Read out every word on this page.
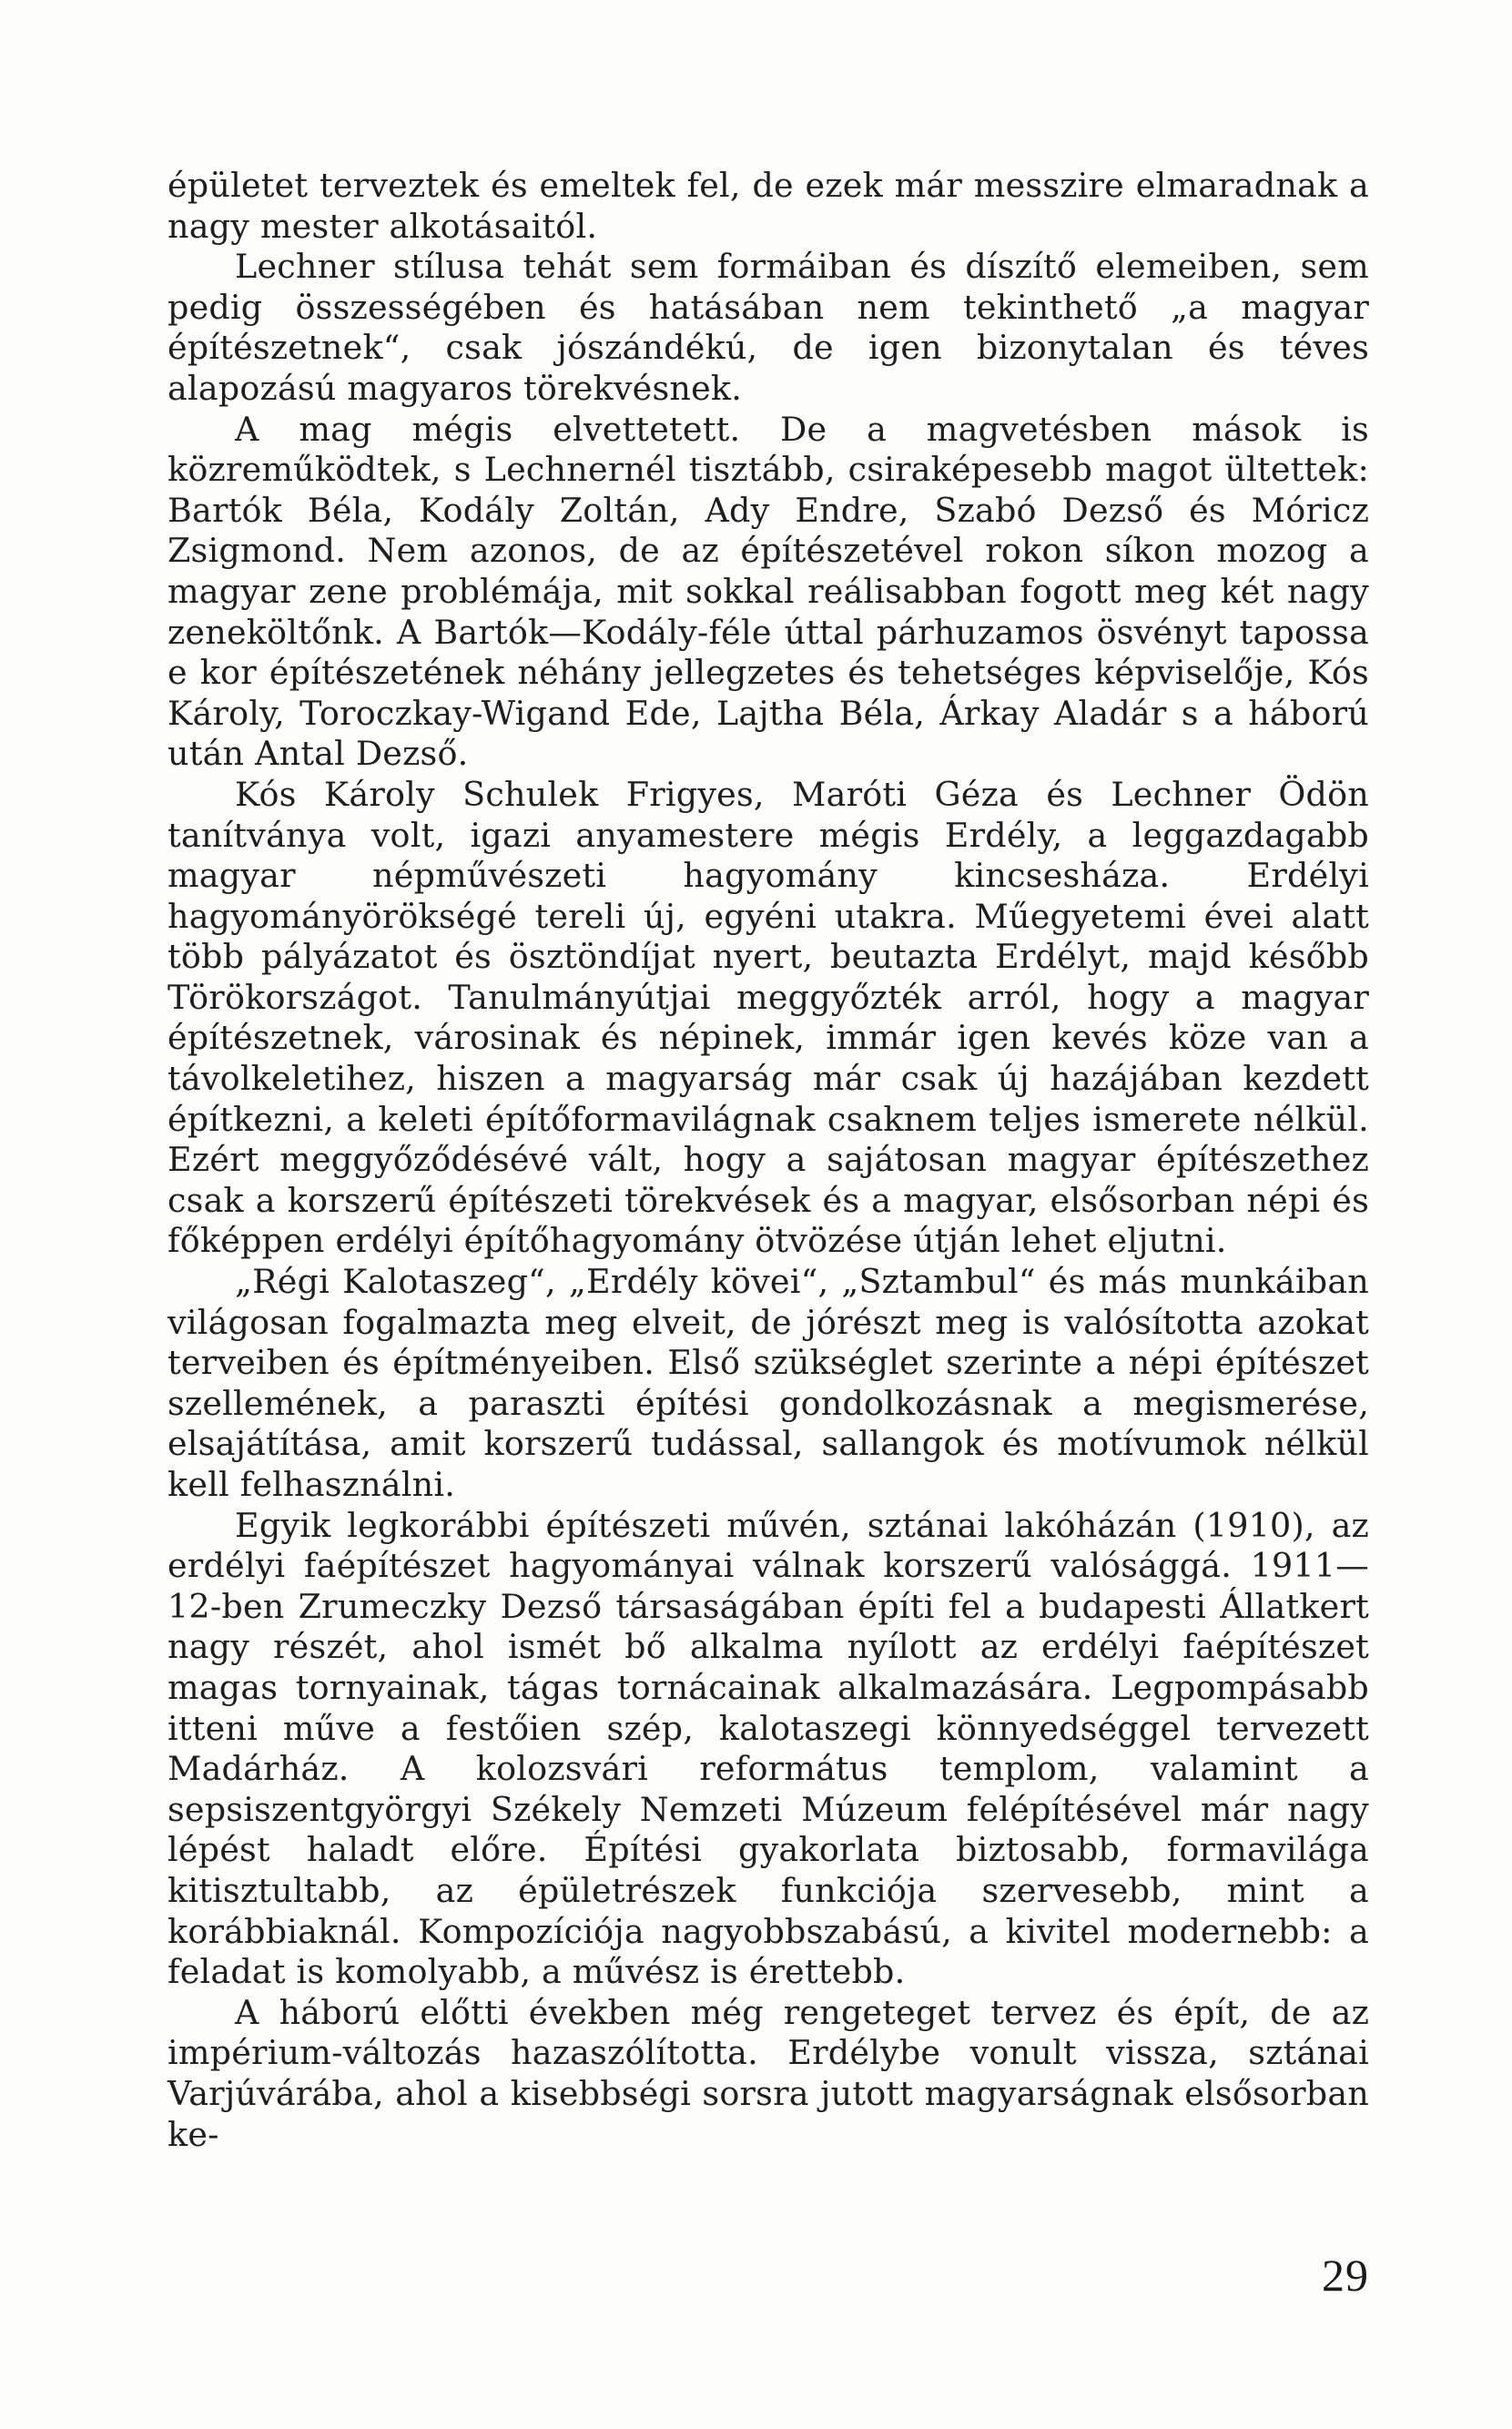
épületet terveztek és emeltek fel, de ezek már messzire elmaradnak a nagy mester alkotásaitól.

Lechner stílusa tehát sem formáiban és díszítő elemeiben, sem pedig összességében és hatásában nem tekinthető „a magyar építészetnek“, csak jószándékú, de igen bizonytalan és téves alapozású magyaros törekvésnek.

A mag mégis elvettetett. De a magvetésben mások is közreműködtek, s Lechnernél tisztább, csiraképesebb magot ültettek: Bartók Béla, Kodály Zoltán, Ady Endre, Szabó Dezső és Móricz Zsigmond. Nem azonos, de az építészetével rokon síkon mozog a magyar zene problémája, mit sokkal reálisabban fogott meg két nagy zeneköltőnk. A Bartók—Kodály-féle úttal párhuzamos ösvényt tapossa e kor építészetének néhány jellegzetes és tehetséges képviselője, Kós Károly, Toroczkay-Wigand Ede, Lajtha Béla, Árkay Aladár s a háború után Antal Dezső.

Kós Károly Schulek Frigyes, Maróti Géza és Lechner Ödön tanítványa volt, igazi anyamestere mégis Erdély, a leggazdagabb magyar népművészeti hagyomány kincsesháza. Erdélyi hagyományörökségé tereli új, egyéni utakra. Műegyetemi évei alatt több pályázatot és ösztöndíjat nyert, beutazta Erdélyt, majd később Törökországot. Tanulmányútjai meggyőzték arról, hogy a magyar építészetnek, városinak és népinek, immár igen kevés köze van a távolkeletihez, hiszen a magyarság már csak új hazájában kezdett építkezni, a keleti építőformavilágnak csaknem teljes ismerete nélkül. Ezért meggyőződésévé vált, hogy a sajátosan magyar építészethez csak a korszerű építészeti törekvések és a magyar, elsősorban népi és főképpen erdélyi építőhagyomány ötvözése útján lehet eljutni.

„Régi Kalotaszeg“, „Erdély kövei“, „Sztambul“ és más munkáiban világosan fogalmazta meg elveit, de jórészt meg is valósította azokat terveiben és építményeiben. Első szükséglet szerinte a népi építészet szellemének, a paraszti építési gondolkozásnak a megismerése, elsajátítása, amit korszerű tudással, sallangok és motívumok nélkül kell felhasználni.

Egyik legkorábbi építészeti művén, sztánai lakóházán (1910), az erdélyi faépítészet hagyományai válnak korszerű valósággá. 1911—12-ben Zrumeczky Dezső társaságában építi fel a budapesti Állatkert nagy részét, ahol ismét bő alkalma nyílott az erdélyi faépítészet magas tornyainak, tágas tornácainak alkalmazására. Legpompásabb itteni műve a festőien szép, kalotaszegi könnyedséggel tervezett Madárház. A kolozsvári református templom, valamint a sepsiszentgyörgyi Székely Nemzeti Múzeum felépítésével már nagy lépést haladt előre. Építési gyakorlata biztosabb, formavilága kitisztultabb, az épületrészek funkciója szervesebb, mint a korábbiaknál. Kompozíciója nagyobbszabású, a kivitel modernebb: a feladat is komolyabb, a művész is érettebb.

A háború előtti években még rengeteget tervez és épít, de az impérium-változás hazaszólította. Erdélybe vonult vissza, sztánai Varjúvárába, ahol a kisebbségi sorsra jutott magyarságnak elsősorban ke-

29
